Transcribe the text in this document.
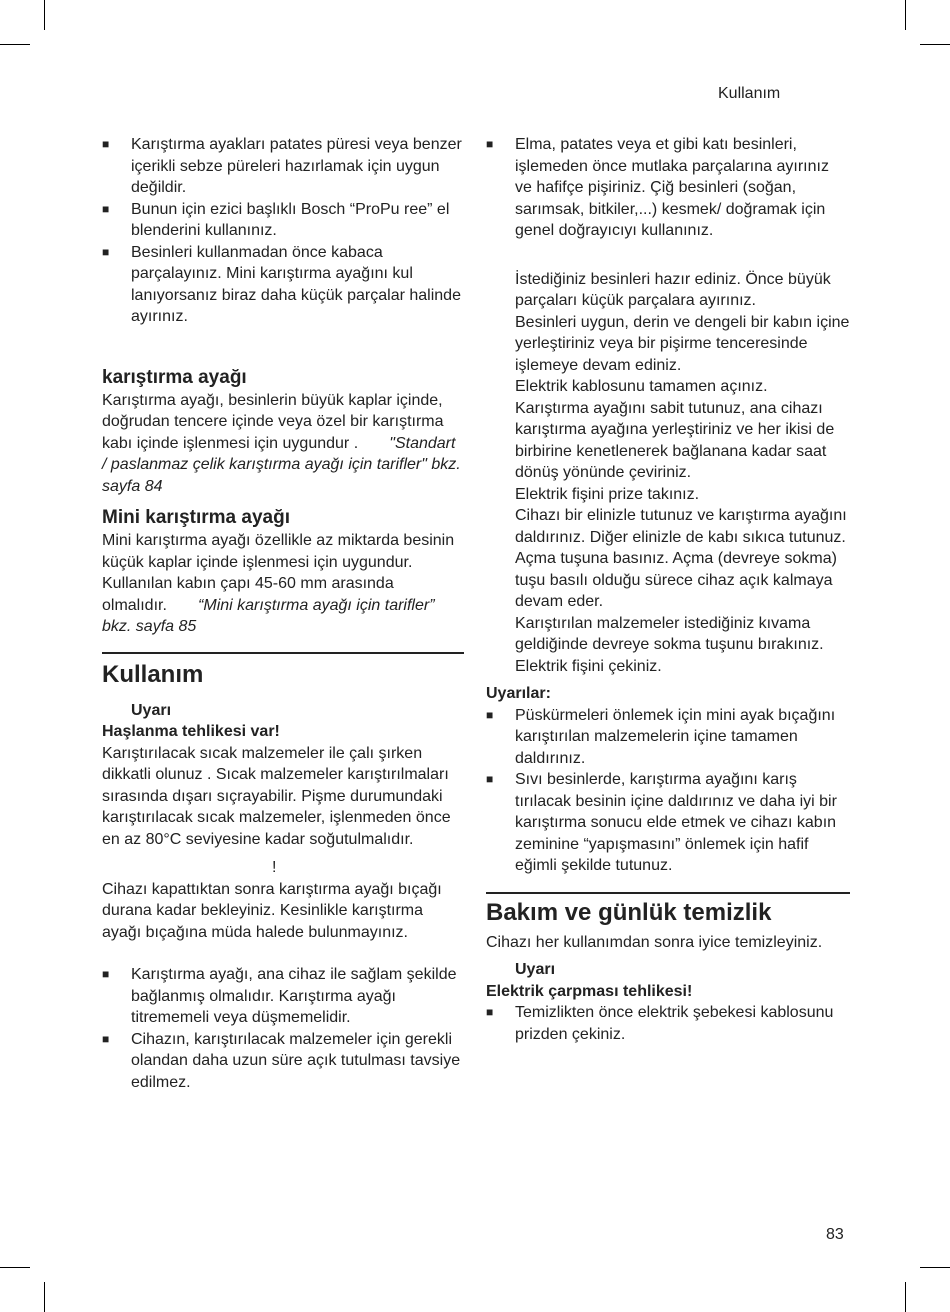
Kullanım
■ Karıştırma ayakları patates püresi veya benzer içerikli sebze püreleri hazırlamak için uygun değildir.
■ Bunun için ezici başlıklı Bosch “ProPu ree” el blenderini kullanınız.
■ Besinleri kullanmadan önce kabaca parçalayınız. Mini karıştırma ayağını kul lanıyorsanız biraz daha küçük parçalar halinde ayırınız.
karıştırma ayağı

Karıştırma ayağı, besinlerin büyük kaplar içinde, doğrudan tencere içinde veya özel bir karıştırma kabı içinde işlenmesi için uygundur . "Standart / paslanmaz çelik karıştırma ayağı için tarifler" bkz. sayfa 84

Mini karıştırma ayağı

Mini karıştırma ayağı özellikle az miktarda besinin küçük kaplar içinde işlenmesi için uygundur. Kullanılan kabın çapı 45-60 mm arasında olmalıdır. “Mini karıştırma ayağı için tarifler” bkz. sayfa 85

Kullanım

Uyarı

Haşlanma tehlikesi var!

Karıştırılacak sıcak malzemeler ile çalı şırken dikkatli olunuz . Sıcak malzemeler karıştırılmaları sırasında dışarı sıçrayabilir. Pişme durumundaki karıştırılacak sıcak malzemeler, işlenmeden önce en az 80°C seviyesine kadar soğutulmalıdır.

!

Cihazı kapattıktan sonra karıştırma ayağı bıçağı durana kadar bekleyiniz. Kesinlikle karıştırma ayağı bıçağına müda halede bulunmayınız.

■ Karıştırma ayağı, ana cihaz ile sağlam şekilde bağlanmış olmalıdır. Karıştırma ayağı titrememeli veya düşmemelidir.
■ Cihazın, karıştırılacak malzemeler için gerekli olandan daha uzun süre açık tutulması tavsiye edilmez.
■ Elma, patates veya et gibi katı besinleri, işlemeden önce mutlaka parçalarına ayırınız ve hafifçe pişiriniz. Çiğ besinleri (soğan, sarımsak, bitkiler,...) kesmek/ doğramak için genel doğrayıcıyı kullanınız.

İstediğiniz besinleri hazır ediniz. Önce büyük parçaları küçük parçalara ayırınız.

Besinleri uygun, derin ve dengeli bir kabın içine yerleştiriniz veya bir pişirme tenceresinde işlemeye devam ediniz.

Elektrik kablosunu tamamen açınız.

Karıştırma ayağını sabit tutunuz, ana cihazı karıştırma ayağına yerleştiriniz ve her ikisi de birbirine kenetlenerek bağlanana kadar saat dönüş yönünde çeviriniz.

Elektrik fişini prize takınız.

Cihazı bir elinizle tutunuz ve karıştırma ayağını daldırınız. Diğer elinizle de kabı sıkıca tutunuz.

Açma tuşuna basınız. Açma (devreye sokma) tuşu basılı olduğu sürece cihaz açık kalmaya devam eder.

Karıştırılan malzemeler istediğiniz kıvama geldiğinde devreye sokma tuşunu bırakınız.

Elektrik fişini çekiniz.

Uyarılar:

■ Püskürmeleri önlemek için mini ayak bıçağını karıştırılan malzemelerin içine tamamen daldırınız.
■ Sıvı besinlerde, karıştırma ayağını karış tırılacak besinin içine daldırınız ve daha iyi bir karıştırma sonucu elde etmek ve cihazı kabın zeminine “yapışmasını” önlemek için hafif eğimli şekilde tutunuz.
Bakım ve günlük temizlik

Cihazı her kullanımdan sonra iyice temizleyiniz.

Uyarı

Elektrik çarpması tehlikesi!

■ Temizlikten önce elektrik şebekesi kablosunu prizden çekiniz.
83
